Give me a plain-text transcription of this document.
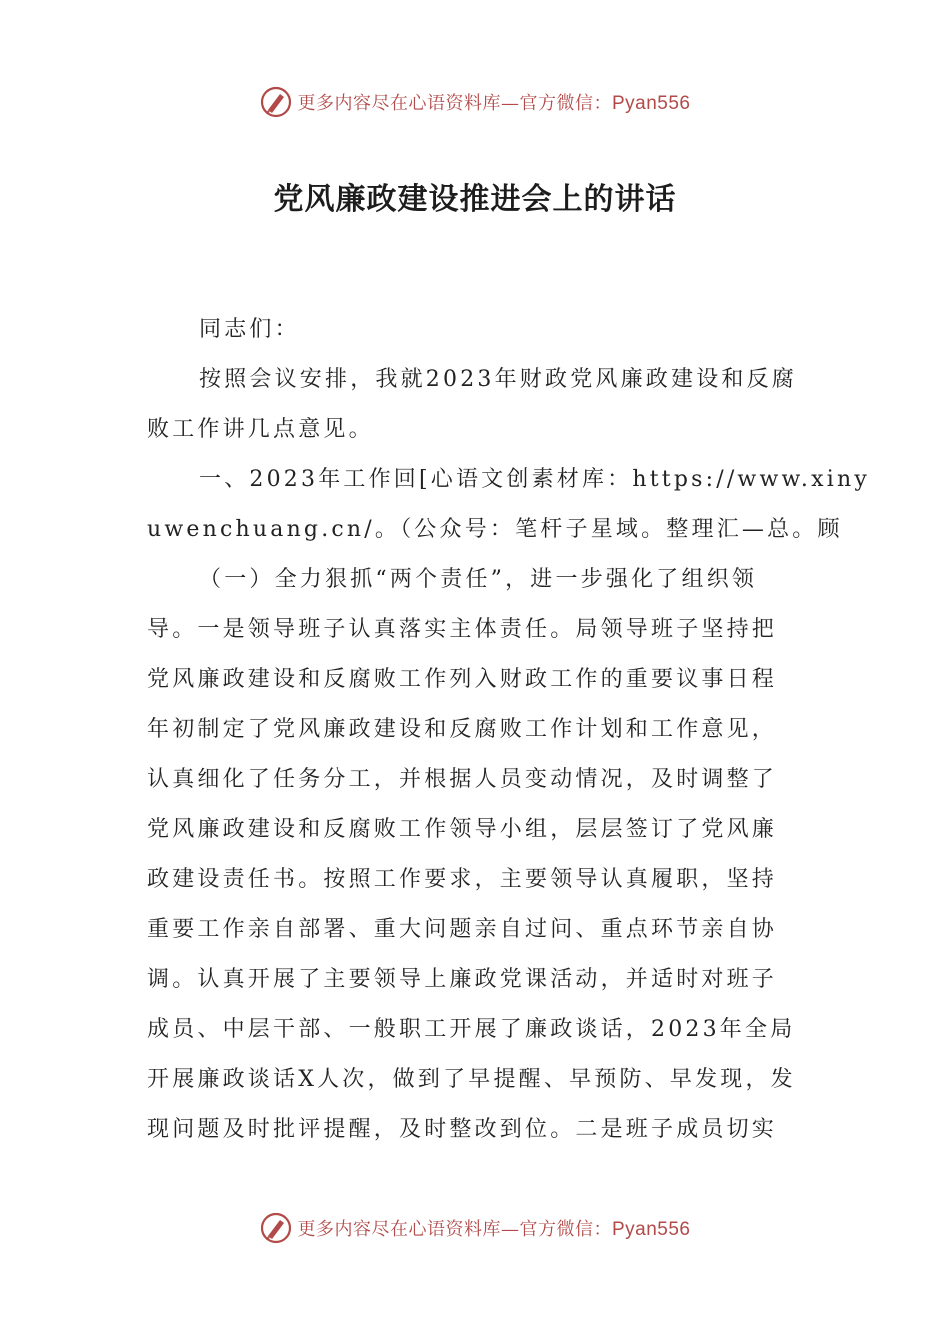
更多内容尽在心语资料库—官方微信：Pyan556
党风廉政建设推进会上的讲话
同志们：
按照会议安排，我就2023年财政党风廉政建设和反腐
败工作讲几点意见。
一、2023年工作回[心语文创素材库：https://www.xiny
uwenchuang.cn/。（公众号：笔杆子星域。整理汇—总。顾
（一）全力狠抓“两个责任”，进一步强化了组织领
导。一是领导班子认真落实主体责任。局领导班子坚持把
党风廉政建设和反腐败工作列入财政工作的重要议事日程
年初制定了党风廉政建设和反腐败工作计划和工作意见，
认真细化了任务分工，并根据人员变动情况，及时调整了
党风廉政建设和反腐败工作领导小组，层层签订了党风廉
政建设责任书。按照工作要求，主要领导认真履职，坚持
重要工作亲自部署、重大问题亲自过问、重点环节亲自协
调。认真开展了主要领导上廉政党课活动，并适时对班子
成员、中层干部、一般职工开展了廉政谈话，2023年全局
开展廉政谈话X人次，做到了早提醒、早预防、早发现，发
现问题及时批评提醒，及时整改到位。二是班子成员切实
更多内容尽在心语资料库—官方微信：Pyan556
